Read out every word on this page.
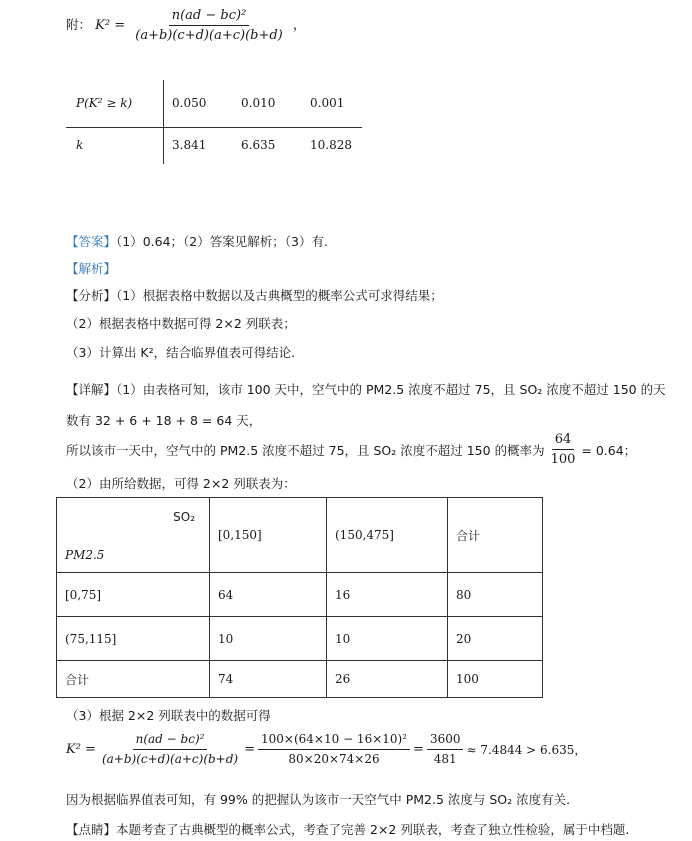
附： $K^2 = \frac{\text{n(ad − bc)²}}{(a+b)(c+d)(a+c)(b+d)}$ ，
P(K² ≥ k)	0.050	0.010	0.001
k	3.841	6.635	10.828
【答案】（1）0.64；（2）答案见解析；（3）有.
【解析】
【分析】（1）根据表格中数据以及古典概型的概率公式可求得结果；
（2）根据表格中数据可得 2×2 列联表；
（3）计算出 K²，结合临界值表可得结论.
【详解】（1）由表格可知，该市 100 天中，空气中的 PM2.5 浓度不超过 75，且 SO₂ 浓度不超过 150 的天
数有 32 + 6 + 18 + 8 = 64 天，
所以该市一天中，空气中的 PM2.5 浓度不超过 75，且 SO₂ 浓度不超过 150 的概率为 $\frac{64}{100} = 0.64$；
（2）由所给数据，可得 2×2 列联表为：
SO₂
PM2.5	[0,150]	(150,475]	合计
[0,75]	64	16	80
(75,115]	10	10	20
合计	74	26	100
（3）根据 2×2 列联表中的数据可得
$K^2 = \frac{\text{n(ad − bc)²}}{(a+b)(c+d)(a+c)(b+d)} = \frac{\text{100×(64×10 − 16×10)²}}{80\times 20\times 74\times 26} = \frac{3600}{481} \approx 7.4844 > 6.635$，
因为根据临界值表可知，有 99% 的把握认为该市一天空气中 PM2.5 浓度与 SO₂ 浓度有关.
【点睛】本题考查了古典概型的概率公式，考查了完善 2×2 列联表，考查了独立性检验，属于中档题.
